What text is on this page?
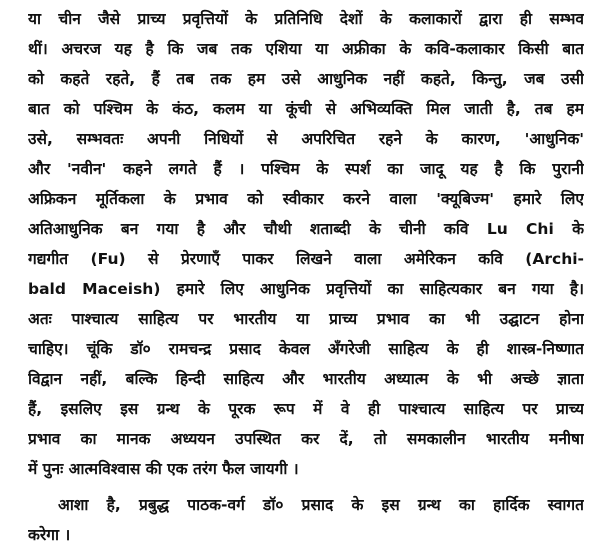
या चीन जैसे प्राच्य प्रवृत्तियों के प्रतिनिधि देशों के कलाकारों द्वारा ही सम्भव
थीं। अचरज यह है कि जब तक एशिया या अफ्रीका के कवि-कलाकार किसी बात
को कहते रहते, हैं तब तक हम उसे आधुनिक नहीं कहते, किन्तु, जब उसी
बात को पश्चिम के कंठ, कलम या कूंची से अभिव्यक्ति मिल जाती है, तब हम
उसे, सम्भवतः अपनी निधियों से अपरिचित रहने के कारण, 'आधुनिक'
और 'नवीन' कहने लगते हैं । पश्चिम के स्पर्श का जादू यह है कि पुरानी
अफ्रिकन मूर्तिकला के प्रभाव को स्वीकार करने वाला 'क्यूबिज्म' हमारे लिए
अतिआधुनिक बन गया है और चौथी शताब्दी के चीनी कवि Lu Chi के
गद्यगीत (Fu) से प्रेरणाएँ पाकर लिखने वाला अमेरिकन कवि (Archi-
bald Maceish) हमारे लिए आधुनिक प्रवृत्तियों का साहित्यकार बन गया है।
अतः पाश्चात्य साहित्य पर भारतीय या प्राच्य प्रभाव का भी उद्घाटन होना
चाहिए। चूंकि डॉ० रामचन्द्र प्रसाद केवल अँगरेजी साहित्य के ही शास्त्र-निष्णात
विद्वान नहीं, बल्कि हिन्दी साहित्य और भारतीय अध्यात्म के भी अच्छे ज्ञाता
हैं, इसलिए इस ग्रन्थ के पूरक रूप में वे ही पाश्चात्य साहित्य पर प्राच्य
प्रभाव का मानक अध्ययन उपस्थित कर दें, तो समकालीन भारतीय मनीषा
में पुनः आत्मविश्वास की एक तरंग फैल जायगी ।
आशा है, प्रबुद्ध पाठक-वर्ग डॉ० प्रसाद के इस ग्रन्थ का हार्दिक स्वागत
करेगा ।
